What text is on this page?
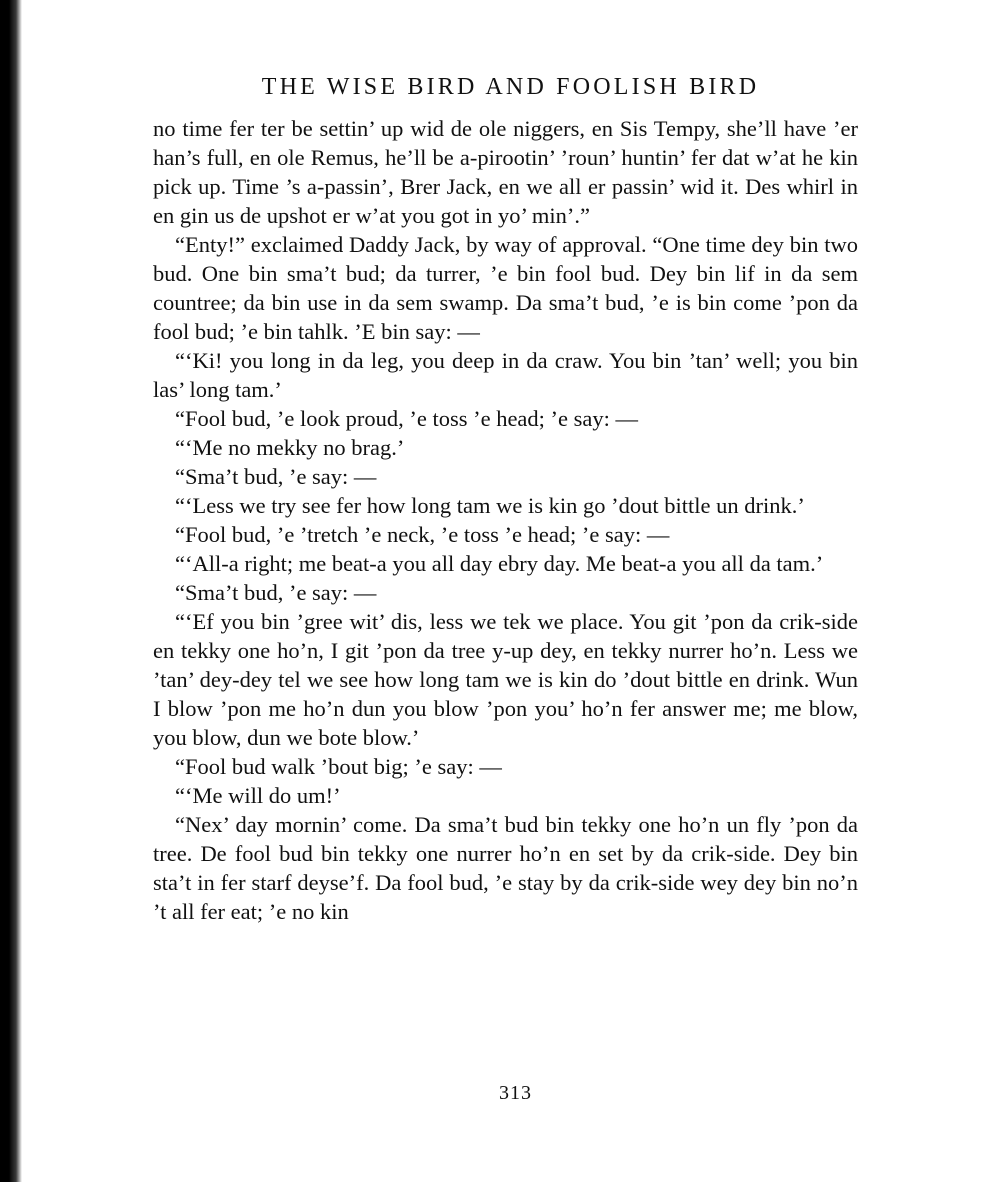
THE WISE BIRD AND FOOLISH BIRD

no time fer ter be settin’ up wid de ole niggers, en Sis Tempy, she’ll have ’er han’s full, en ole Remus, he’ll be a-pirootin’ ’roun’ huntin’ fer dat w’at he kin pick up. Time ’s a-passin’, Brer Jack, en we all er passin’ wid it. Des whirl in en gin us de upshot er w’at you got in yo’ min’.”

“Enty!” exclaimed Daddy Jack, by way of approval. “One time dey bin two bud. One bin sma’t bud; da turrer, ’e bin fool bud. Dey bin lif in da sem countree; da bin use in da sem swamp. Da sma’t bud, ’e is bin come ’pon da fool bud; ’e bin tahlk. ’E bin say: —

“‘Ki! you long in da leg, you deep in da craw. You bin ’tan’ well; you bin las’ long tam.’

“Fool bud, ’e look proud, ’e toss ’e head; ’e say: —

“‘Me no mekky no brag.’

“Sma’t bud, ’e say: —

“‘Less we try see fer how long tam we is kin go ’dout bittle un drink.’

“Fool bud, ’e ’tretch ’e neck, ’e toss ’e head; ’e say: —

“‘All-a right; me beat-a you all day ebry day. Me beat-a you all da tam.’

“Sma’t bud, ’e say: —

“‘Ef you bin ’gree wit’ dis, less we tek we place. You git ’pon da crik-side en tekky one ho’n, I git ’pon da tree y-up dey, en tekky nurrer ho’n. Less we ’tan’ dey-dey tel we see how long tam we is kin do ’dout bittle en drink. Wun I blow ’pon me ho’n dun you blow ’pon you’ ho’n fer answer me; me blow, you blow, dun we bote blow.’

“Fool bud walk ’bout big; ’e say: —

“‘Me will do um!’

“Nex’ day mornin’ come. Da sma’t bud bin tekky one ho’n un fly ’pon da tree. De fool bud bin tekky one nurrer ho’n en set by da crik-side. Dey bin sta’t in fer starf deyse’f. Da fool bud, ’e stay by da crik-side wey dey bin no’n ’t all fer eat; ’e no kin

313
